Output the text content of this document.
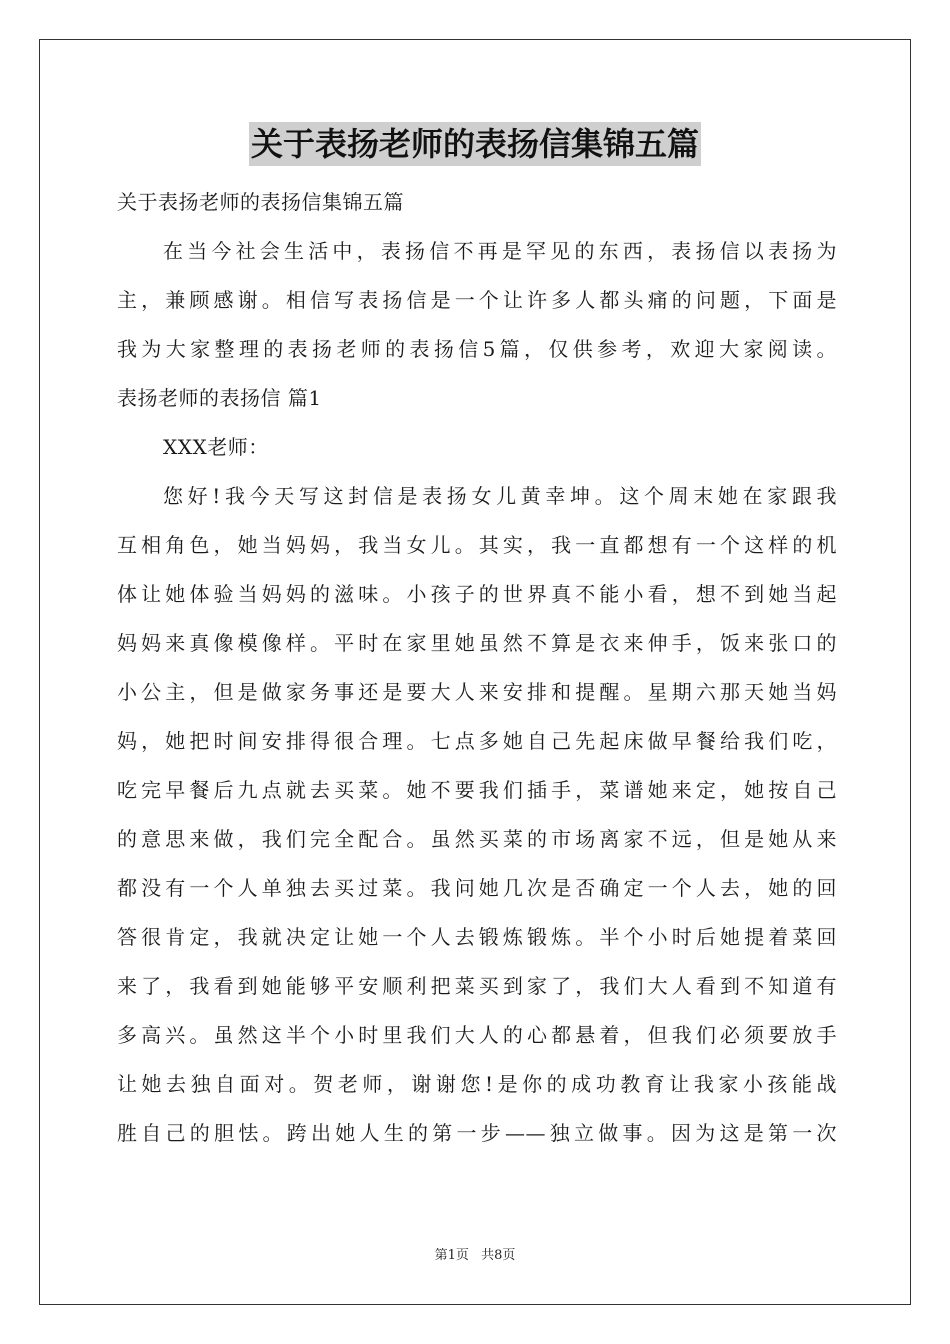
关于表扬老师的表扬信集锦五篇
关于表扬老师的表扬信集锦五篇
在当今社会生活中，表扬信不再是罕见的东西，表扬信以表扬为
主，兼顾感谢。相信写表扬信是一个让许多人都头痛的问题，下面是
我为大家整理的表扬老师的表扬信5篇，仅供参考，欢迎大家阅读。
表扬老师的表扬信 篇1
XXX老师：
您好!我今天写这封信是表扬女儿黄幸坤。这个周末她在家跟我
互相角色，她当妈妈，我当女儿。其实，我一直都想有一个这样的机
体让她体验当妈妈的滋味。小孩子的世界真不能小看，想不到她当起
妈妈来真像模像样。平时在家里她虽然不算是衣来伸手，饭来张口的
小公主，但是做家务事还是要大人来安排和提醒。星期六那天她当妈
妈，她把时间安排得很合理。七点多她自己先起床做早餐给我们吃，
吃完早餐后九点就去买菜。她不要我们插手，菜谱她来定，她按自己
的意思来做，我们完全配合。虽然买菜的市场离家不远，但是她从来
都没有一个人单独去买过菜。我问她几次是否确定一个人去，她的回
答很肯定，我就决定让她一个人去锻炼锻炼。半个小时后她提着菜回
来了，我看到她能够平安顺利把菜买到家了，我们大人看到不知道有
多高兴。虽然这半个小时里我们大人的心都悬着，但我们必须要放手
让她去独自面对。贺老师，谢谢您!是你的成功教育让我家小孩能战
胜自己的胆怯。跨出她人生的第一步——独立做事。因为这是第一次
第1页 共8页
